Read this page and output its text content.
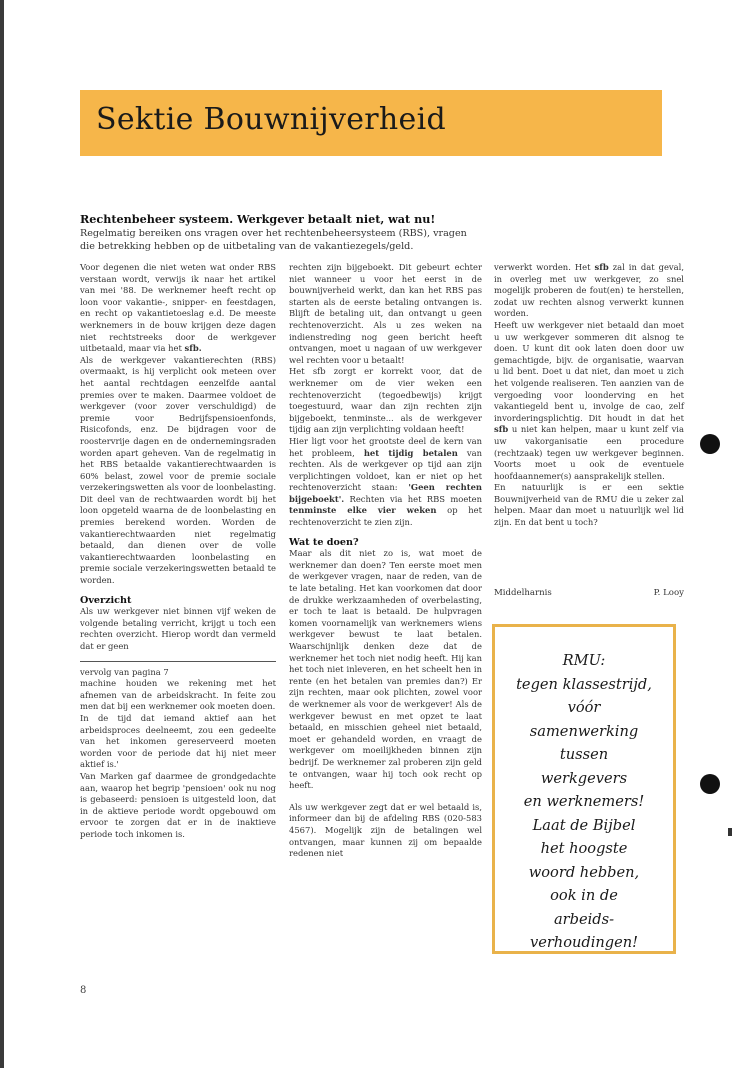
Sektie Bouwnijverheid
Rechtenbeheer systeem. Werkgever betaalt niet, wat nu!
Regelmatig bereiken ons vragen over het rechtenbeheersysteem (RBS), vragen die betrekking hebben op de uitbetaling van de vakantiezegels/geld.

Voor degenen die niet weten wat onder RBS verstaan wordt, verwijs ik naar het artikel van mei '88. De werknemer heeft recht op loon voor vakantie-, snipper- en feestdagen, en recht op vakantietoeslag e.d. De meeste werknemers in de bouw krijgen deze dagen niet rechtstreeks door de werkgever uitbetaald, maar via het sfb.

Als de werkgever vakantierechten (RBS) overmaakt, is hij verplicht ook meteen over het aantal rechtdagen eenzelfde aantal premies over te maken. Daarmee voldoet de werkgever (voor zover verschuldigd) de premie voor Bedrijfspensioenfonds, Risicofonds, enz. De bijdragen voor de roostervrije dagen en de ondernemingsraden worden apart geheven. Van de regelmatig in het RBS betaalde vakantierechtwaarden is 60% belast, zowel voor de premie sociale verzekeringswetten als voor de loonbelasting. Dit deel van de rechtwaarden wordt bij het loon opgeteld waarna de de loonbelasting en premies berekend worden. Worden de vakantierechtwaarden niet regelmatig betaald, dan dienen over de volle vakantierechtwaarden loonbelasting en premie sociale verzekeringswetten betaald te worden.

Overzicht

Als uw werkgever niet binnen vijf weken de volgende betaling verricht, krijgt u toch een rechten overzicht. Hierop wordt dan vermeld dat er geen

vervolg van pagina 7

machine houden we rekening met het afnemen van de arbeidskracht. In feite zou men dat bij een werknemer ook moeten doen.

In de tijd dat iemand aktief aan het arbeidsproces deelneemt, zou een gedeelte van het inkomen gereserveerd moeten worden voor de periode dat hij niet meer aktief is.'

Van Marken gaf daarmee de grondgedachte aan, waarop het begrip 'pensioen' ook nu nog is gebaseerd: pensioen is uitgesteld loon, dat in de aktieve periode wordt opgebouwd om ervoor te zorgen dat er in de inaktieve periode toch inkomen is.

rechten zijn bijgeboekt. Dit gebeurt echter niet wanneer u voor het eerst in de bouwnijverheid werkt, dan kan het RBS pas starten als de eerste betaling ontvangen is. Blijft de betaling uit, dan ontvangt u geen rechtenoverzicht. Als u zes weken na indienstreding nog geen bericht heeft ontvangen, moet u nagaan of uw werkgever wel rechten voor u betaalt!

Het sfb zorgt er korrekt voor, dat de werknemer om de vier weken een rechtenoverzicht (tegoedbewijs) krijgt toegestuurd, waar dan zijn rechten zijn bijgeboekt, tenminste... als de werkgever tijdig aan zijn verplichting voldaan heeft!

Hier ligt voor het grootste deel de kern van het probleem, het tijdig betalen van rechten. Als de werkgever op tijd aan zijn verplichtingen voldoet, kan er niet op het rechtenoverzicht staan: 'Geen rechten bijgeboekt'. Rechten via het RBS moeten tenminste elke vier weken op het rechtenoverzicht te zien zijn.

Wat te doen?

Maar als dit niet zo is, wat moet de werknemer dan doen? Ten eerste moet men de werkgever vragen, naar de reden, van de te late betaling. Het kan voorkomen dat door de drukke werkzaamheden of overbelasting, er toch te laat is betaald. De hulpvragen komen voornamelijk van werknemers wiens werkgever bewust te laat betalen. Waarschijnlijk denken deze dat de werknemer het toch niet nodig heeft. Hij kan het toch niet inleveren, en het scheelt hen in rente (en het betalen van premies dan?) Er zijn rechten, maar ook plichten, zowel voor de werknemer als voor de werkgever! Als de werkgever bewust en met opzet te laat betaald, en misschien geheel niet betaald, moet er gehandeld worden, en vraagt de werkgever om moeilijkheden binnen zijn bedrijf. De werknemer zal proberen zijn geld te ontvangen, waar hij toch ook recht op heeft.

Als uw werkgever zegt dat er wel betaald is, informeer dan bij de afdeling RBS (020-583 4567). Mogelijk zijn de betalingen wel ontvangen, maar kunnen zij om bepaalde redenen niet

verwerkt worden. Het sfb zal in dat geval, in overleg met uw werkgever, zo snel mogelijk proberen de fout(en) te herstellen, zodat uw rechten alsnog verwerkt kunnen worden.

Heeft uw werkgever niet betaald dan moet u uw werkgever sommeren dit alsnog te doen. U kunt dit ook laten doen door uw gemachtigde, bijv. de organisatie, waarvan u lid bent. Doet u dat niet, dan moet u zich het volgende realiseren. Ten aanzien van de vergoeding voor loonderving en het vakantiegeld bent u, involge de cao, zelf invorderingsplichtig. Dit houdt in dat het sfb u niet kan helpen, maar u kunt zelf via uw vakorganisatie een procedure (rechtzaak) tegen uw werkgever beginnen. Voorts moet u ook de eventuele hoofdaannemer(s) aansprakelijk stellen.

En natuurlijk is er een sektie Bouwnijverheid van de RMU die u zeker zal helpen. Maar dan moet u natuurlijk wel lid zijn. En dat bent u toch?

Middelharnis	P. Looy
RMU:
tegen klassestrijd,
vóór
samenwerking
tussen
werkgevers
en werknemers!
Laat de Bijbel
het hoogste
woord hebben,
ook in de
arbeids-
verhoudingen!
8
